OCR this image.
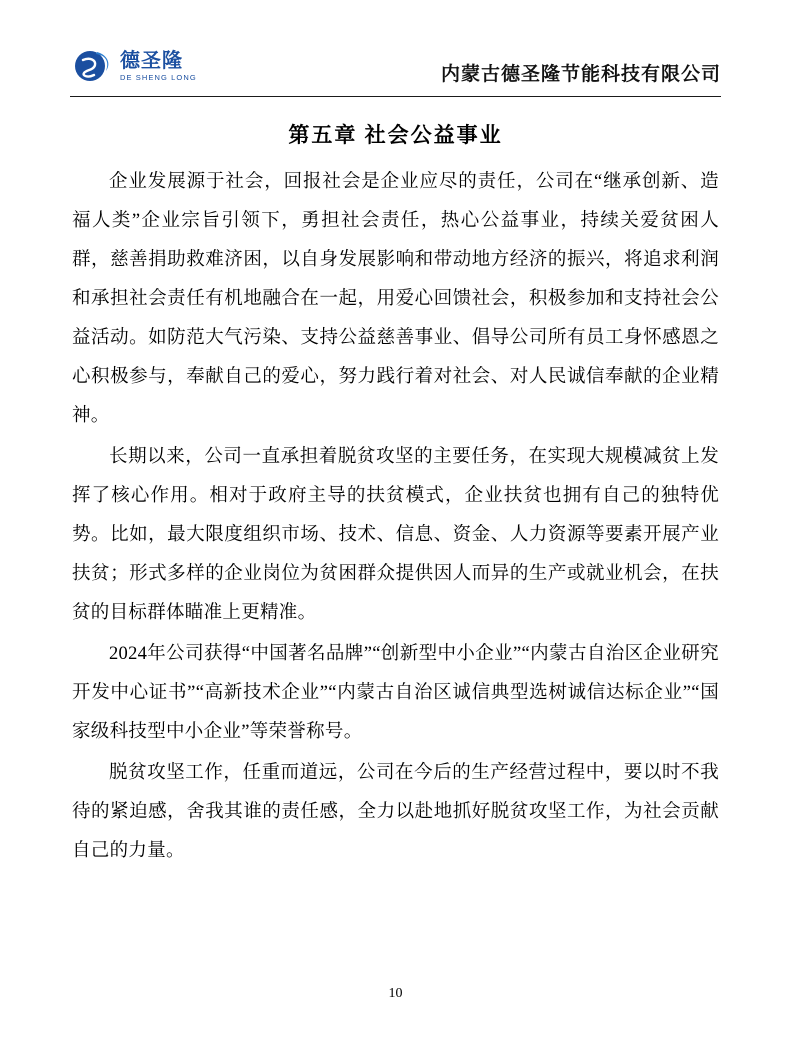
德圣隆
DE SHENG LONG	内蒙古德圣隆节能科技有限公司
第五章 社会公益事业

企业发展源于社会，回报社会是企业应尽的责任，公司在“继承创新、造福人类”企业宗旨引领下，勇担社会责任，热心公益事业，持续关爱贫困人群，慈善捐助救难济困，以自身发展影响和带动地方经济的振兴，将追求利润和承担社会责任有机地融合在一起，用爱心回馈社会，积极参加和支持社会公益活动。如防范大气污染、支持公益慈善事业、倡导公司所有员工身怀感恩之心积极参与，奉献自己的爱心，努力践行着对社会、对人民诚信奉献的企业精神。

长期以来，公司一直承担着脱贫攻坚的主要任务，在实现大规模减贫上发挥了核心作用。相对于政府主导的扶贫模式，企业扶贫也拥有自己的独特优势。比如，最大限度组织市场、技术、信息、资金、人力资源等要素开展产业扶贫；形式多样的企业岗位为贫困群众提供因人而异的生产或就业机会，在扶贫的目标群体瞄准上更精准。

2024年公司获得“中国著名品牌”“创新型中小企业”“内蒙古自治区企业研究开发中心证书”“高新技术企业”“内蒙古自治区诚信典型选树诚信达标企业”“国家级科技型中小企业”等荣誉称号。

脱贫攻坚工作，任重而道远，公司在今后的生产经营过程中，要以时不我待的紧迫感，舍我其谁的责任感，全力以赴地抓好脱贫攻坚工作，为社会贡献自己的力量。

10
